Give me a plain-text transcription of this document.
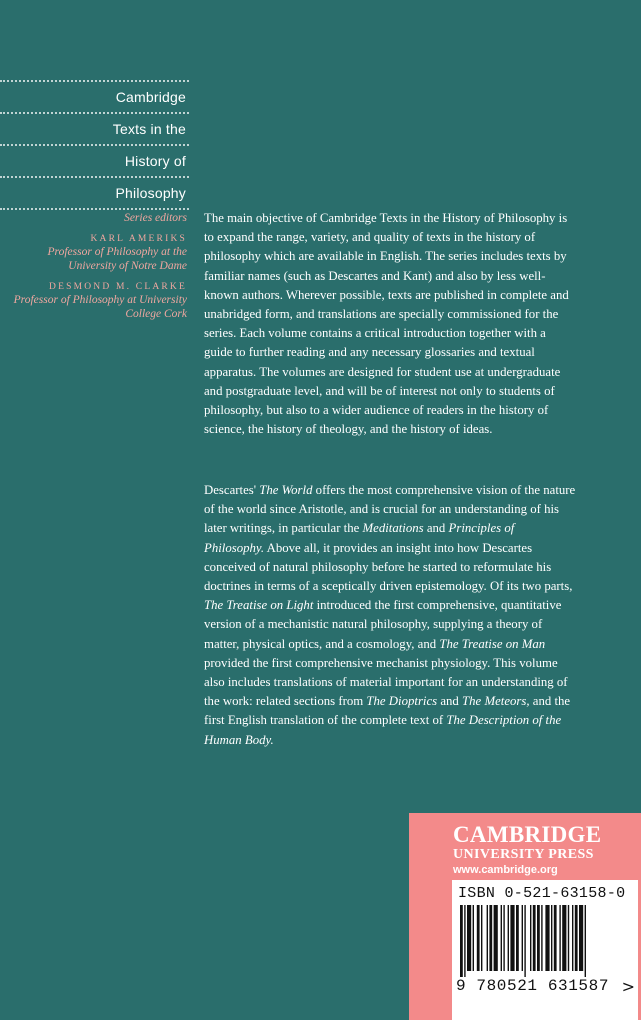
Cambridge
Texts in the
History of
Philosophy
Series editors
KARL AMERIKS
Professor of Philosophy at the University of Notre Dame
DESMOND M. CLARKE
Professor of Philosophy at University College Cork

The main objective of Cambridge Texts in the History of Philosophy is to expand the range, variety, and quality of texts in the history of philosophy which are available in English. The series includes texts by familiar names (such as Descartes and Kant) and also by less well-known authors. Wherever possible, texts are published in complete and unabridged form, and translations are specially commissioned for the series. Each volume contains a critical introduction together with a guide to further reading and any necessary glossaries and textual apparatus. The volumes are designed for student use at undergraduate and postgraduate level, and will be of interest not only to students of philosophy, but also to a wider audience of readers in the history of science, the history of theology, and the history of ideas.

Descartes' The World offers the most comprehensive vision of the nature of the world since Aristotle, and is crucial for an understanding of his later writings, in particular the Meditations and Principles of Philosophy. Above all, it provides an insight into how Descartes conceived of natural philosophy before he started to reformulate his doctrines in terms of a sceptically driven epistemology. Of its two parts, The Treatise on Light introduced the first comprehensive, quantitative version of a mechanistic natural philosophy, supplying a theory of matter, physical optics, and a cosmology, and The Treatise on Man provided the first comprehensive mechanist physiology. This volume also includes translations of material important for an understanding of the work: related sections from The Dioptrics and The Meteors, and the first English translation of the complete text of The Description of the Human Body.

CAMBRIDGE
UNIVERSITY PRESS
www.cambridge.org
ISBN 0-521-63158-0
9 780521 631587 >
